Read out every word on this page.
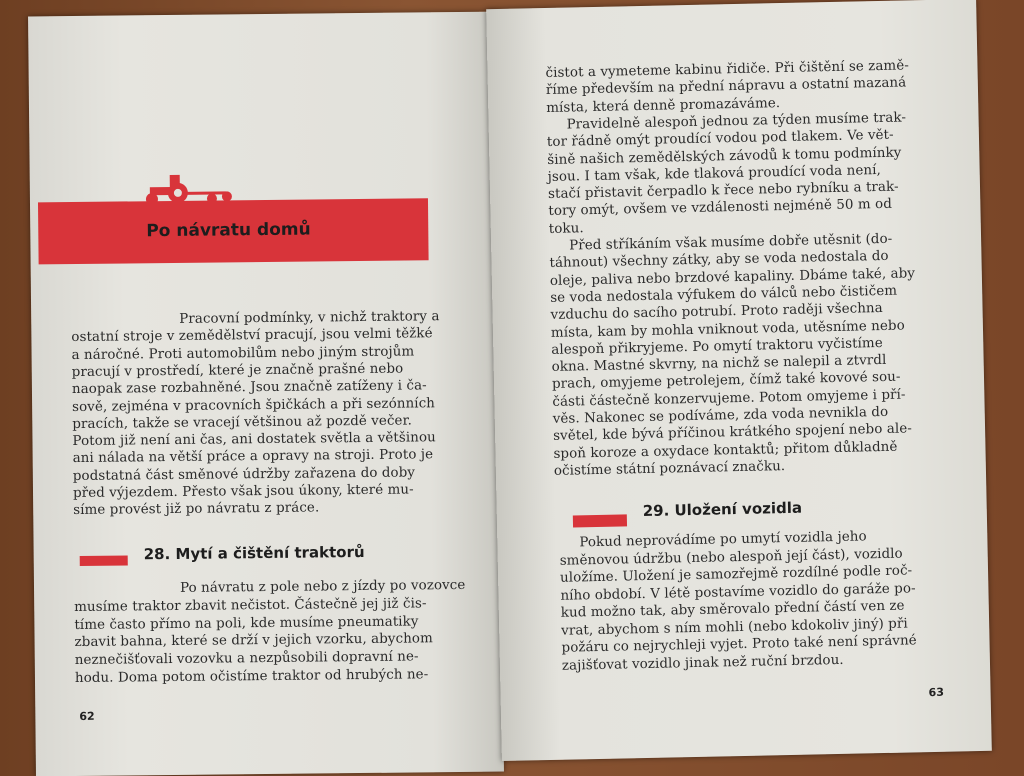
Po návratu domů
Pracovní podmínky, v nichž traktory a
ostatní stroje v zemědělství pracují, jsou velmi těžké
a náročné. Proti automobilům nebo jiným strojům
pracují v prostředí, které je značně prašné nebo
naopak zase rozbahněné. Jsou značně zatíženy i ča-
sově, zejména v pracovních špičkách a při sezónních
pracích, takže se vracejí většinou až pozdě večer.
Potom již není ani čas, ani dostatek světla a většinou
ani nálada na větší práce a opravy na stroji. Proto je
podstatná část směnové údržby zařazena do doby
před výjezdem. Přesto však jsou úkony, které mu-
síme provést již po návratu z práce.
28. Mytí a čištění traktorů
Po návratu z pole nebo z jízdy po vozovce
musíme traktor zbavit nečistot. Částečně jej již čis-
tíme často přímo na poli, kde musíme pneumatiky
zbavit bahna, které se drží v jejich vzorku, abychom
neznečišťovali vozovku a nezpůsobili dopravní ne-
hodu. Doma potom očistíme traktor od hrubých ne-
62
čistot a vymeteme kabinu řidiče. Při čištění se zamě-
říme především na přední nápravu a ostatní mazaná
místa, která denně promazáváme.
Pravidelně alespoň jednou za týden musíme trak-
tor řádně omýt proudící vodou pod tlakem. Ve vět-
šině našich zemědělských závodů k tomu podmínky
jsou. I tam však, kde tlaková proudící voda není,
stačí přistavit čerpadlo k řece nebo rybníku a trak-
tory omýt, ovšem ve vzdálenosti nejméně 50 m od
toku.
Před stříkáním však musíme dobře utěsnit (do-
táhnout) všechny zátky, aby se voda nedostala do
oleje, paliva nebo brzdové kapaliny. Dbáme také, aby
se voda nedostala výfukem do válců nebo čističem
vzduchu do sacího potrubí. Proto raději všechna
místa, kam by mohla vniknout voda, utěsníme nebo
alespoň přikryjeme. Po omytí traktoru vyčistíme
okna. Mastné skvrny, na nichž se nalepil a ztvrdl
prach, omyjeme petrolejem, čímž také kovové sou-
části částečně konzervujeme. Potom omyjeme i pří-
věs. Nakonec se podíváme, zda voda nevnikla do
světel, kde bývá příčinou krátkého spojení nebo ale-
spoň koroze a oxydace kontaktů; přitom důkladně
očistíme státní poznávací značku.
29. Uložení vozidla
Pokud neprovádíme po umytí vozidla jeho
směnovou údržbu (nebo alespoň její část), vozidlo
uložíme. Uložení je samozřejmě rozdílné podle roč-
ního období. V létě postavíme vozidlo do garáže po-
kud možno tak, aby směrovalo přední částí ven ze
vrat, abychom s ním mohli (nebo kdokoliv jiný) při
požáru co nejrychleji vyjet. Proto také není správné
zajišťovat vozidlo jinak než ruční brzdou.
63
